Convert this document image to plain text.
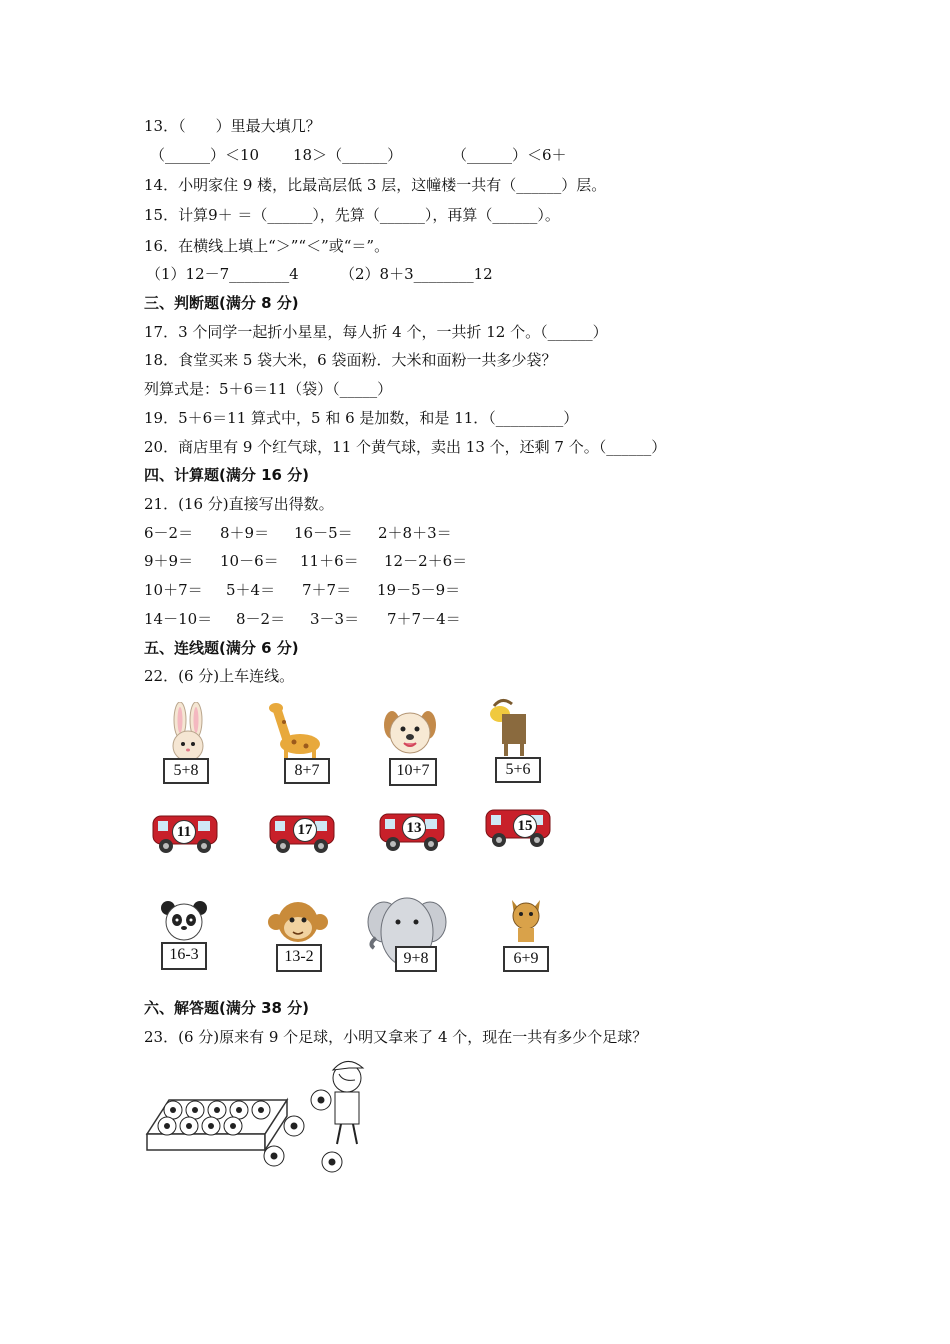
13．（　　）里最大填几？
（______）＜10 18＞（______）	（______）＜6＋
14．小明家住 9 楼，比最高层低 3 层，这幢楼一共有（______）层。
15．计算9＋ ＝（______），先算（______），再算（______）。
16．在横线上填上“＞”“＜”或“＝”。
（1）12－7________4	（2）8＋3________12
三、判断题(满分 8 分)
17．3 个同学一起折小星星，每人折 4 个，一共折 12 个。（______）
18．食堂买来 5 袋大米，6 袋面粉．大米和面粉一共多少袋？
列算式是：5＋6＝11（袋）（_____）
19．5＋6＝11 算式中，5 和 6 是加数，和是 11．（_________）
20．商店里有 9 个红气球，11 个黄气球，卖出 13 个，还剩 7 个。（______）
四、计算题(满分 16 分)
21．(16 分)直接写出得数。
6－2＝	8＋9＝	16－5＝	2＋8＋3＝
9＋9＝	10－6＝	11＋6＝	12－2＋6＝
10＋7＝	5＋4＝	7＋7＝	19－5－9＝
14－10＝	8－2＝	3－3＝	7＋7－4＝
五、连线题(满分 6 分)
22．(6 分)上车连线。
5+8	8+7	10+7	5+6
11	17	13	15
16-3	13-2	9+8	6+9
六、解答题(满分 38 分)
23．(6 分)原来有 9 个足球，小明又拿来了 4 个，现在一共有多少个足球？
